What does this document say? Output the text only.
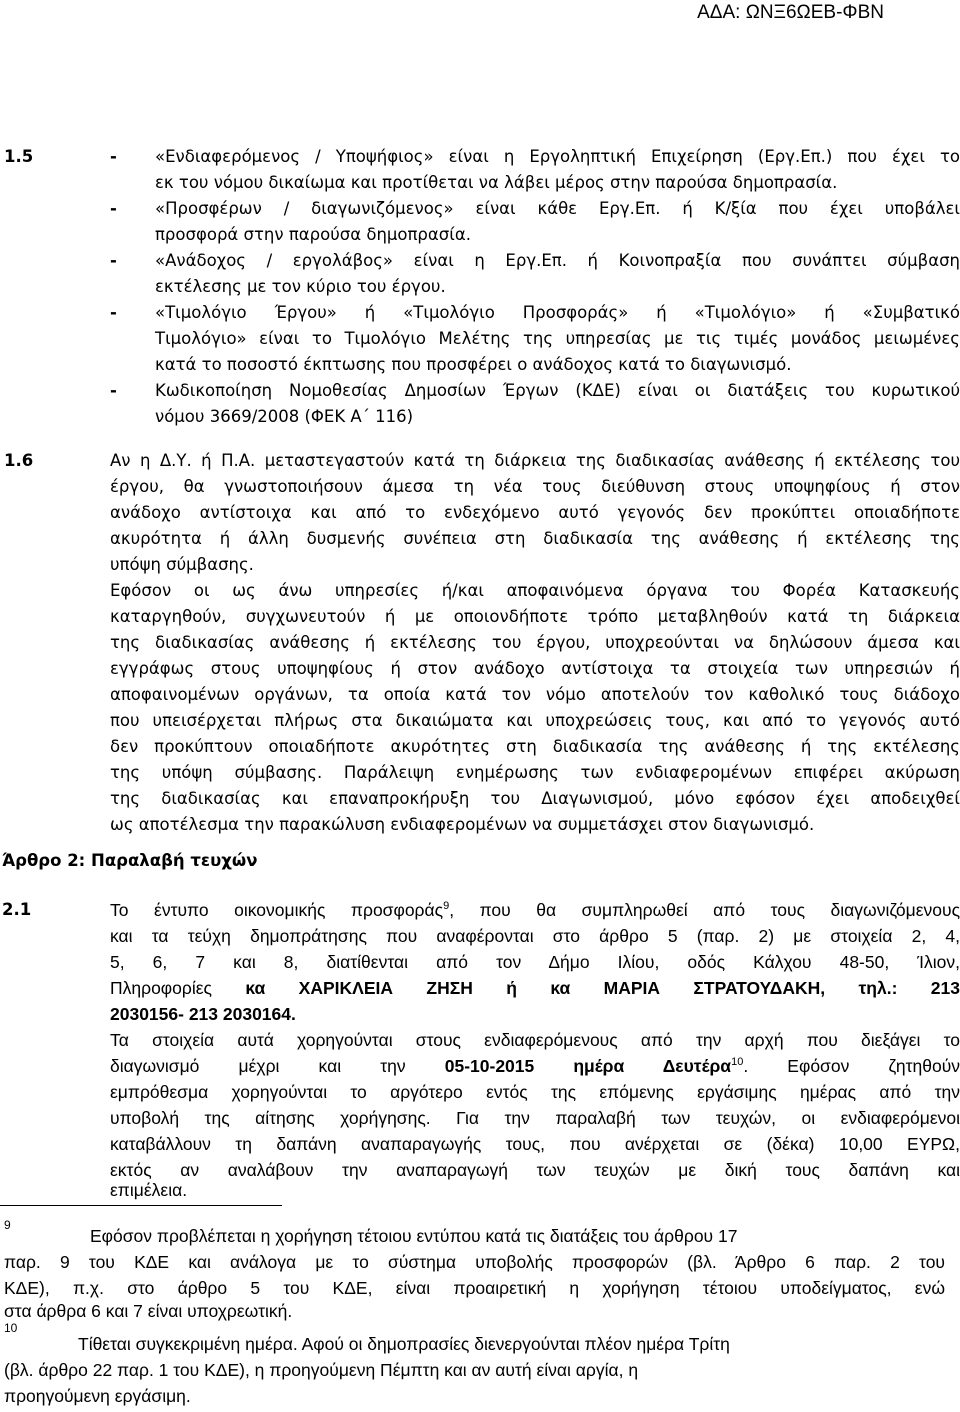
ΑΔΑ: ΩΝΞ6ΩΕΒ-ΦΒΝ
1.5	- «Ενδιαφερόμενος / Υποψήφιος» είναι η Εργοληπτική Επιχείρηση (Εργ.Επ.) που έχει το
εκ του νόμου δικαίωμα και προτίθεται να λάβει μέρος στην παρούσα δημοπρασία.
- «Προσφέρων / διαγωνιζόμενος» είναι κάθε Εργ.Επ. ή Κ/ξία που έχει υποβάλει
προσφορά στην παρούσα δημοπρασία.
- «Ανάδοχος / εργολάβος» είναι η Εργ.Επ. ή Κοινοπραξία που συνάπτει σύμβαση
εκτέλεσης με τον κύριο του έργου.
- «Τιμολόγιο Έργου» ή «Τιμολόγιο Προσφοράς» ή «Τιμολόγιο» ή «Συμβατικό
Τιμολόγιο» είναι το Τιμολόγιο Μελέτης της υπηρεσίας με τις τιμές μονάδος μειωμένες
κατά το ποσοστό έκπτωσης που προσφέρει ο ανάδοχος κατά το διαγωνισμό.
- Κωδικοποίηση Νομοθεσίας Δημοσίων Έργων (ΚΔΕ) είναι οι διατάξεις του κυρωτικού
νόμου 3669/2008 (ΦΕΚ Α΄ 116)
1.6	Αν η Δ.Υ. ή Π.Α. μεταστεγαστούν κατά τη διάρκεια της διαδικασίας ανάθεσης ή εκτέλεσης του
έργου, θα γνωστοποιήσουν άμεσα τη νέα τους διεύθυνση στους υποψηφίους ή στον
ανάδοχο αντίστοιχα και από το ενδεχόμενο αυτό γεγονός δεν προκύπτει οποιαδήποτε
ακυρότητα ή άλλη δυσμενής συνέπεια στη διαδικασία της ανάθεσης ή εκτέλεσης της
υπόψη σύμβασης.
Εφόσον οι ως άνω υπηρεσίες ή/και αποφαινόμενα όργανα του Φορέα Κατασκευής
καταργηθούν, συγχωνευτούν ή με οποιονδήποτε τρόπο μεταβληθούν κατά τη διάρκεια
της διαδικασίας ανάθεσης ή εκτέλεσης του έργου, υποχρεούνται να δηλώσουν άμεσα και
εγγράφως στους υποψηφίους ή στον ανάδοχο αντίστοιχα τα στοιχεία των υπηρεσιών ή
αποφαινομένων οργάνων, τα οποία κατά τον νόμο αποτελούν τον καθολικό τους διάδοχο
που υπεισέρχεται πλήρως στα δικαιώματα και υποχρεώσεις τους, και από το γεγονός αυτό
δεν προκύπτουν οποιαδήποτε ακυρότητες στη διαδικασία της ανάθεσης ή της εκτέλεσης
της υπόψη σύμβασης. Παράλειψη ενημέρωσης των ενδιαφερομένων επιφέρει ακύρωση
της διαδικασίας και επαναπροκήρυξη του Διαγωνισμού, μόνο εφόσον έχει αποδειχθεί
ως αποτέλεσμα την παρακώλυση ενδιαφερομένων να συμμετάσχει στον διαγωνισμό.
Άρθρο 2: Παραλαβή τευχών
2.1	Το έντυπο οικονομικής προσφοράς$^9$, που θα συμπληρωθεί από τους διαγωνιζόμενους
και τα τεύχη δημοπράτησης που αναφέρονται στο άρθρο 5 (παρ. 2) με στοιχεία 2, 4,
5, 6, 7 και 8, διατίθενται από τον Δήμο Ιλίου, οδός Κάλχου 48-50, Ίλιον,
Πληροφορίες κα ΧΑΡΙΚΛΕΙΑ ΖΗΣΗ ή κα ΜΑΡΙΑ ΣΤΡΑΤΟΥΔΑΚΗ, τηλ.: 213
2030156- 213 2030164.
Τα στοιχεία αυτά χορηγούνται στους ενδιαφερόμενους από την αρχή που διεξάγει το
διαγωνισμό μέχρι και την 05-10-2015 ημέρα Δευτέρα$^{10}$. Εφόσον ζητηθούν
εμπρόθεσμα χορηγούνται το αργότερο εντός της επόμενης εργάσιμης ημέρας από την
υποβολή της αίτησης χορήγησης. Για την παραλαβή των τευχών, οι ενδιαφερόμενοι
καταβάλλουν τη δαπάνη αναπαραγωγής τους, που ανέρχεται σε (δέκα) 10,00 ΕΥΡΩ,
εκτός αν αναλάβουν την αναπαραγωγή των τευχών με δική τους δαπάνη και
επιμέλεια.
9
Εφόσον προβλέπεται η χορήγηση τέτοιου εντύπου κατά τις διατάξεις του άρθρου 17
παρ. 9 του ΚΔΕ και ανάλογα με το σύστημα υποβολής προσφορών (βλ. Άρθρο 6 παρ. 2 του
ΚΔΕ), π.χ. στο άρθρο 5 του ΚΔΕ, είναι προαιρετική η χορήγηση τέτοιου υποδείγματος, ενώ
στα άρθρα 6 και 7 είναι υποχρεωτική.
10
Τίθεται συγκεκριμένη ημέρα. Αφού οι δημοπρασίες διενεργούνται πλέον ημέρα Τρίτη
(βλ. άρθρο 22 παρ. 1 του ΚΔΕ), η προηγούμενη Πέμπτη και αν αυτή είναι αργία, η
προηγούμενη εργάσιμη.
